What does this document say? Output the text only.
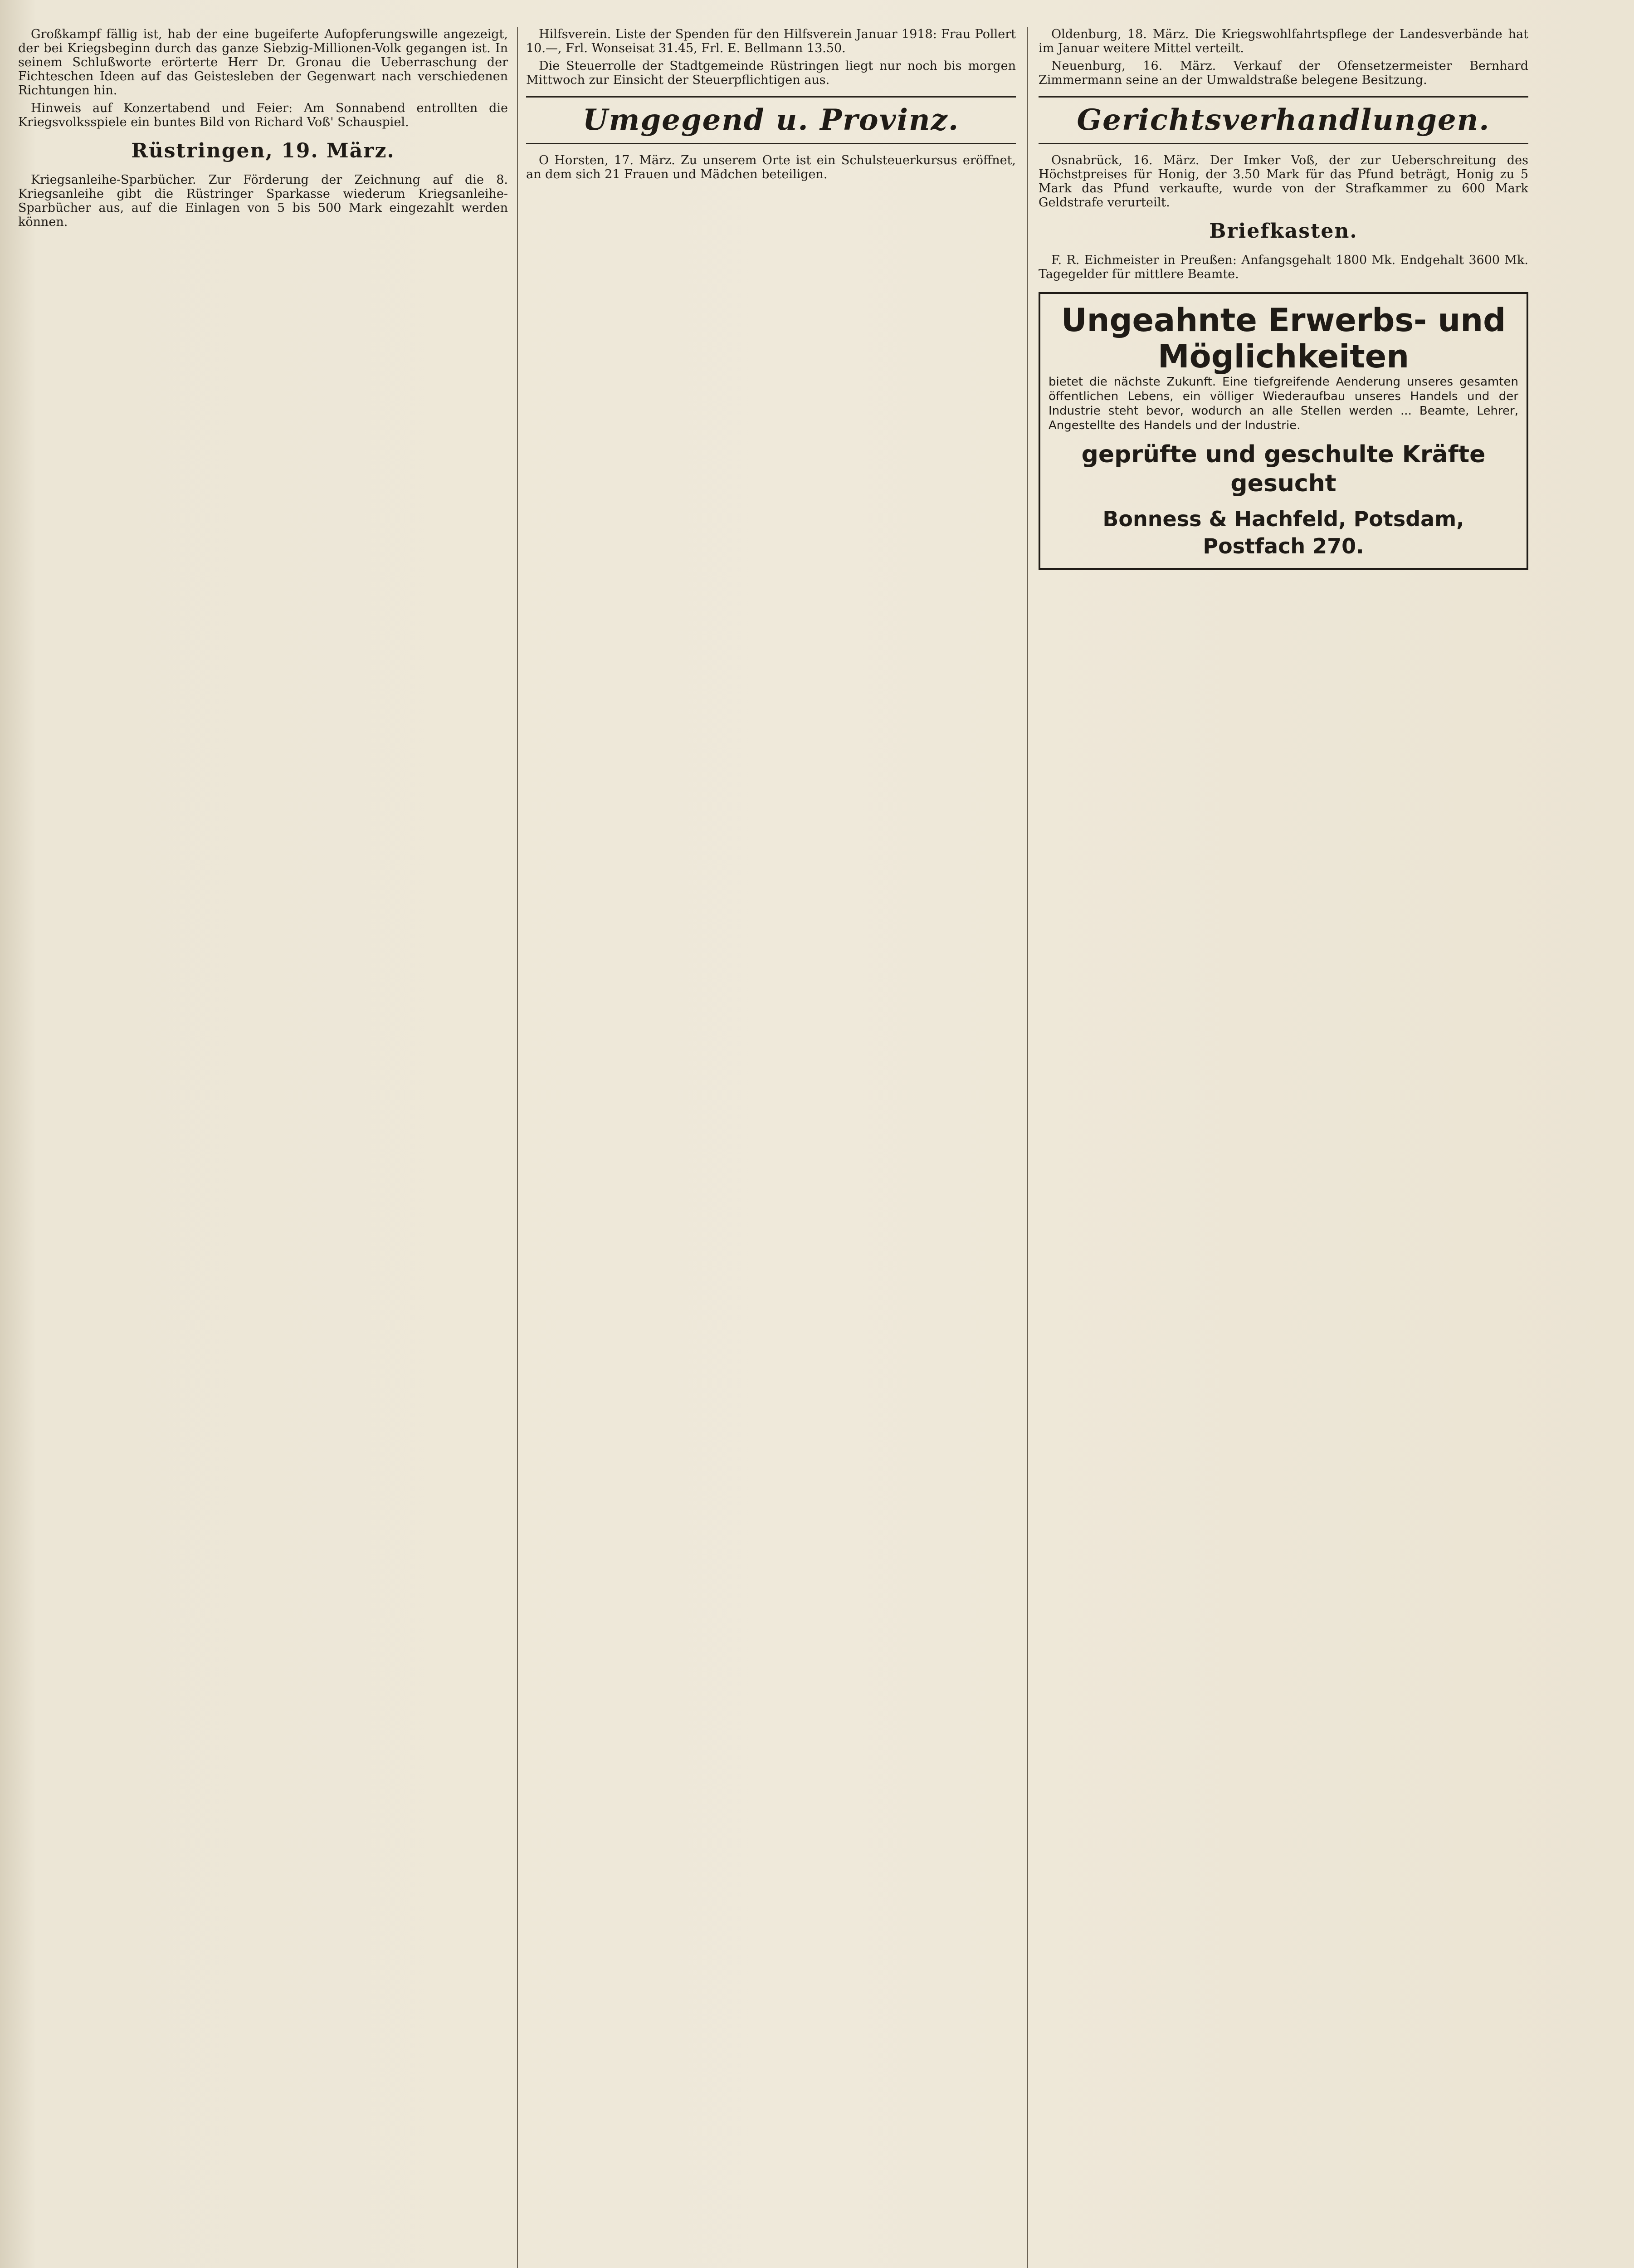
Großkampf fällig ist, hab der eine bugeiferte Aufopferungswille angezeigt, der bei Kriegsbeginn durch das ganze Siebzig-Millionen-Volk gegangen ist. In seinem Schlußworte erörterte Herr Dr. Gronau die Ueberraschung der Fichteschen Ideen auf das Geistesleben der Gegenwart nach verschiedenen Richtungen hin.

Hinweis auf Konzertabend und Feier: Am Sonnabend entrollten die Kriegsvolksspiele ein buntes Bild von Richard Voß' Schauspiel.

Rüstringen, 19. März.

Kriegsanleihe-Sparbücher. Zur Förderung der Zeichnung auf die 8. Kriegsanleihe gibt die Rüstringer Sparkasse wiederum Kriegsanleihe-Sparbücher aus, auf die Einlagen von 5 bis 500 Mark eingezahlt werden können.

Hilfsverein. Liste der Spenden für den Hilfsverein Januar 1918: Frau Pollert 10.—, Frl. Wonseisat 31.45, Frl. E. Bellmann 13.50.

Die Steuerrolle der Stadtgemeinde Rüstringen liegt nur noch bis morgen Mittwoch zur Einsicht der Steuerpflichtigen aus.

Umgegend u. Provinz.

O Horsten, 17. März. Zu unserem Orte ist ein Schulsteuerkursus eröffnet, an dem sich 21 Frauen und Mädchen beteiligen.

Oldenburg, 18. März. Die Kriegswohlfahrtspflege der Landesverbände hat im Januar weitere Mittel verteilt.

Neuenburg, 16. März. Verkauf der Ofensetzermeister Bernhard Zimmermann seine an der Umwaldstraße belegene Besitzung.

Gerichtsverhandlungen.

Osnabrück, 16. März. Der Imker Voß, der zur Ueberschreitung des Höchstpreises für Honig, der 3.50 Mark für das Pfund beträgt, Honig zu 5 Mark das Pfund verkaufte, wurde von der Strafkammer zu 600 Mark Geldstrafe verurteilt.

Briefkasten.

F. R. Eichmeister in Preußen: Anfangsgehalt 1800 Mk. Endgehalt 3600 Mk. Tagegelder für mittlere Beamte.

Ungeahnte Erwerbs- und Möglichkeiten
bietet die nächste Zukunft. Eine tiefgreifende Aenderung unseres gesamten öffentlichen Lebens, ein völliger Wiederaufbau unseres Handels und der Industrie steht bevor, wodurch an alle Stellen werden ... Beamte, Lehrer, Angestellte des Handels und der Industrie.
geprüfte und geschulte Kräfte gesucht
Bonness & Hachfeld, Potsdam, Postfach 270.
